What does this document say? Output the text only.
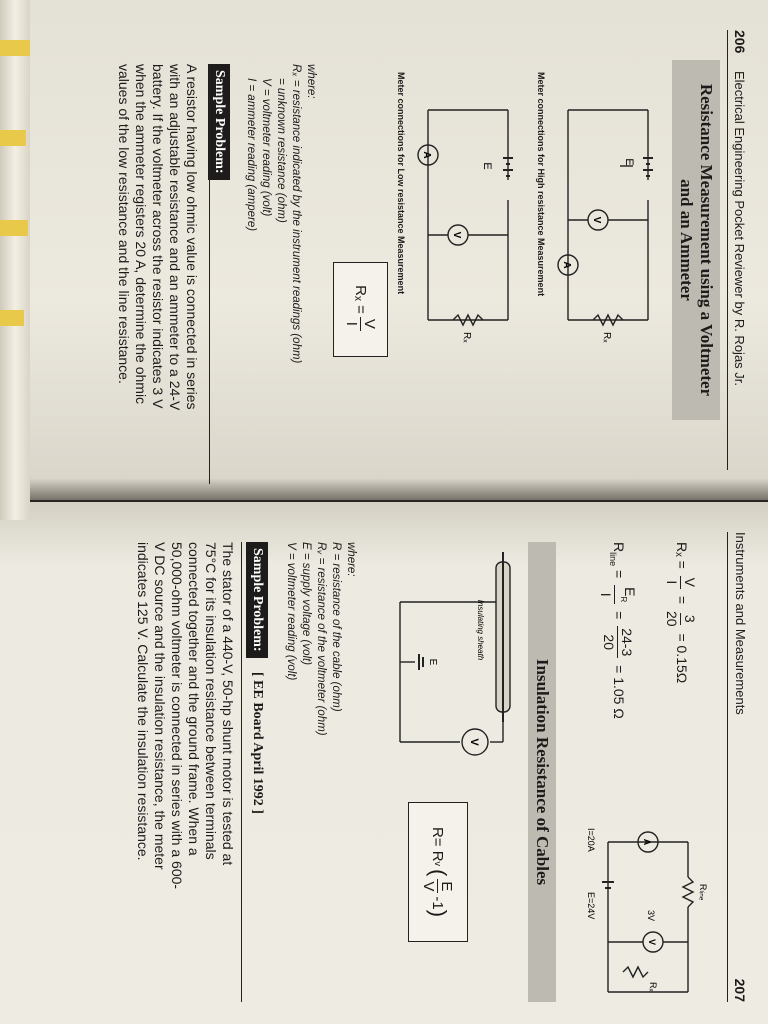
206 Electrical Engineering Pocket Reviewer by R. Rojas Jr.
Resistance Measurement using a Voltmeter
and an Ammeter
E
V
A
Rₓ
Meter connections for High resistance Measurement
E
V
A
Rₓ
Meter connections for Low resistance Measurement
Rₓ =
V
I
where:
Rₓ = resistance indicated by the instrument readings (ohm)
= unknown resistance (ohm)
V = voltmeter reading (volt)
I = ammeter reading (ampere)
Sample Problem:
A resistor having low ohmic value is connected in series
with an adjustable resistance and an ammeter to a 24-V
battery. If the voltmeter across the resistor indicates 3 V
when the ammeter registers 20 A, determine the ohmic
values of the low resistance and the line resistance.
Instruments and Measurements
207
Rₓ =
V
I
=
3
20
= 0.15Ω
$R_{line}$ =
$E_R$
I
=
24-3
20
= 1.05 Ω
Rₗᵢₙₑ
A
V
I=20A
3V
E=24V
Rₓ
Insulation Resistance of Cables
Insulating sheath
E
V
R= R
v
(
E
V
-1
)
where:
R = resistance of the cable (ohm)
Rᵥ = resistance of the voltmeter (ohm)
E = supply voltage (volt)
V = voltmeter reading (volt)
Sample Problem:
[ EE Board April 1992 ]
The stator of a 440-V, 50-hp shunt motor is tested at
75°C for its insulation resistance between terminals
connected together and the ground frame. When a
50,000-ohm voltmeter is connected in series with a 600-
V DC source and the insulation resistance, the meter
indicates 125 V. Calculate the insulation resistance.
